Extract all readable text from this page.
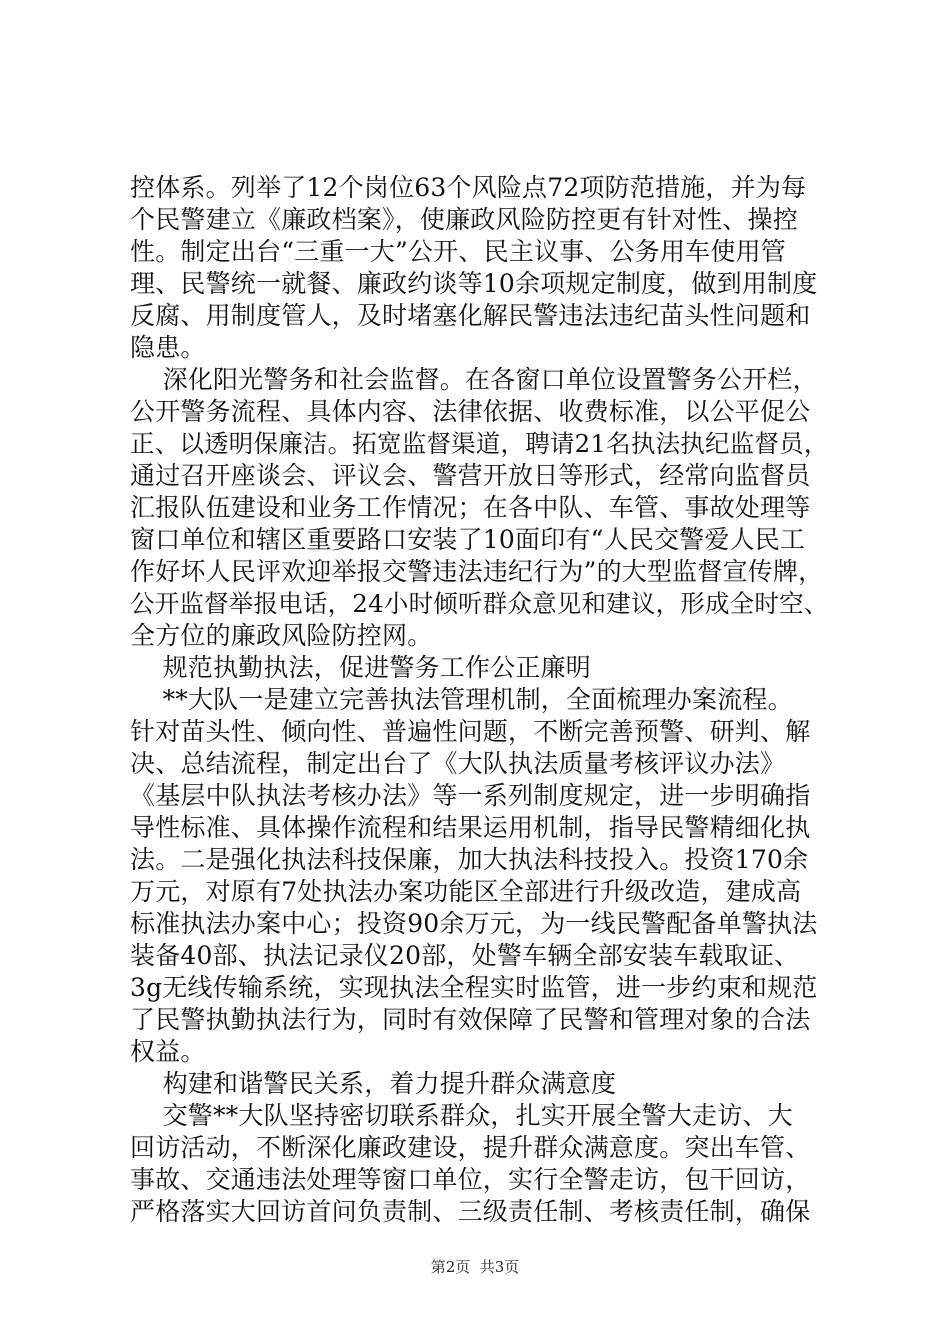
控体系。列举了12个岗位63个风险点72项防范措施，并为每
个民警建立《廉政档案》，使廉政风险防控更有针对性、操控
性。制定出台“三重一大”公开、民主议事、公务用车使用管
理、民警统一就餐、廉政约谈等10余项规定制度，做到用制度
反腐、用制度管人，及时堵塞化解民警违法违纪苗头性问题和
隐患。
深化阳光警务和社会监督。在各窗口单位设置警务公开栏，
公开警务流程、具体内容、法律依据、收费标准，以公平促公
正、以透明保廉洁。拓宽监督渠道，聘请21名执法执纪监督员，
通过召开座谈会、评议会、警营开放日等形式，经常向监督员
汇报队伍建设和业务工作情况；在各中队、车管、事故处理等
窗口单位和辖区重要路口安装了10面印有“人民交警爱人民工
作好坏人民评欢迎举报交警违法违纪行为”的大型监督宣传牌，
公开监督举报电话，24小时倾听群众意见和建议，形成全时空、
全方位的廉政风险防控网。
规范执勤执法，促进警务工作公正廉明
**大队一是建立完善执法管理机制，全面梳理办案流程。
针对苗头性、倾向性、普遍性问题，不断完善预警、研判、解
决、总结流程，制定出台了《大队执法质量考核评议办法》
《基层中队执法考核办法》等一系列制度规定，进一步明确指
导性标准、具体操作流程和结果运用机制，指导民警精细化执
法。二是强化执法科技保廉，加大执法科技投入。投资170余
万元，对原有7处执法办案功能区全部进行升级改造，建成高
标准执法办案中心；投资90余万元，为一线民警配备单警执法
装备40部、执法记录仪20部，处警车辆全部安装车载取证、
3g无线传输系统，实现执法全程实时监管，进一步约束和规范
了民警执勤执法行为，同时有效保障了民警和管理对象的合法
权益。
构建和谐警民关系，着力提升群众满意度
交警**大队坚持密切联系群众，扎实开展全警大走访、大
回访活动，不断深化廉政建设，提升群众满意度。突出车管、
事故、交通违法处理等窗口单位，实行全警走访，包干回访，
严格落实大回访首问负责制、三级责任制、考核责任制，确保
第2页  共3页
